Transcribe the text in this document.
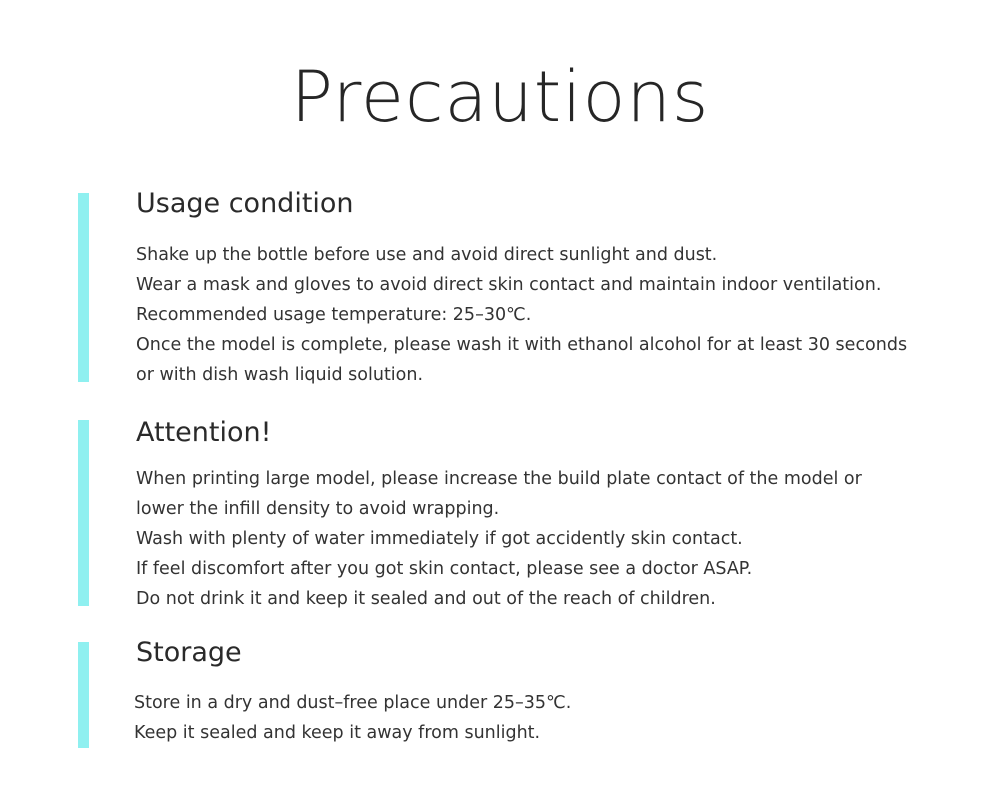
Precautions
Usage condition
Shake up the bottle before use and avoid direct sunlight and dust.
Wear a mask and gloves to avoid direct skin contact and maintain indoor ventilation.
Recommended usage temperature: 25–30℃.
Once the model is complete, please wash it with ethanol alcohol for at least 30 seconds
or with dish wash liquid solution.
Attention!
When printing large model, please increase the build plate contact of the model or
lower the infill density to avoid wrapping.
Wash with plenty of water immediately if got accidently skin contact.
If feel discomfort after you got skin contact, please see a doctor ASAP.
Do not drink it and keep it sealed and out of the reach of children.
Storage
Store in a dry and dust–free place under 25–35℃.
Keep it sealed and keep it away from sunlight.
